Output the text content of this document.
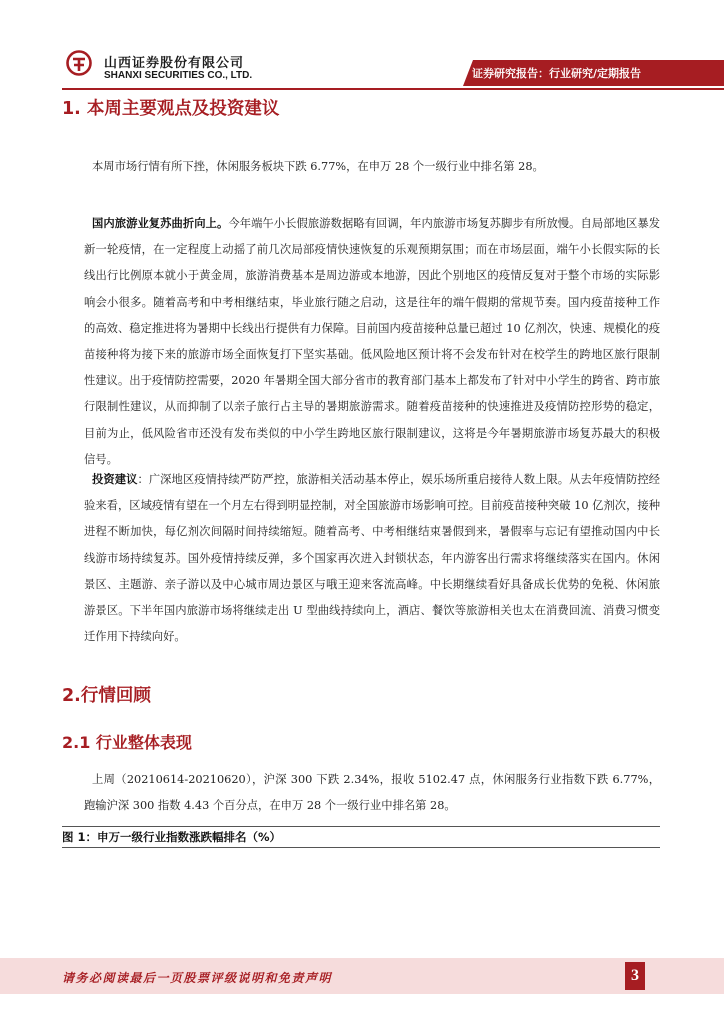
山西证券股份有限公司
SHANXI SECURITIES CO., LTD.	证券研究报告：行业研究/定期报告
1. 本周主要观点及投资建议

本周市场行情有所下挫，休闲服务板块下跌 6.77%，在申万 28 个一级行业中排名第 28。

国内旅游业复苏曲折向上。今年端午小长假旅游数据略有回调，年内旅游市场复苏脚步有所放慢。自局部地区暴发新一轮疫情，在一定程度上动摇了前几次局部疫情快速恢复的乐观预期氛围；而在市场层面，端午小长假实际的长线出行比例原本就小于黄金周，旅游消费基本是周边游或本地游，因此个别地区的疫情反复对于整个市场的实际影响会小很多。随着高考和中考相继结束，毕业旅行随之启动，这是往年的端午假期的常规节奏。国内疫苗接种工作的高效、稳定推进将为暑期中长线出行提供有力保障。目前国内疫苗接种总量已超过 10 亿剂次，快速、规模化的疫苗接种将为接下来的旅游市场全面恢复打下坚实基础。低风险地区预计将不会发布针对在校学生的跨地区旅行限制性建议。出于疫情防控需要，2020 年暑期全国大部分省市的教育部门基本上都发布了针对中小学生的跨省、跨市旅行限制性建议，从而抑制了以亲子旅行占主导的暑期旅游需求。随着疫苗接种的快速推进及疫情防控形势的稳定，目前为止，低风险省市还没有发布类似的中小学生跨地区旅行限制建议，这将是今年暑期旅游市场复苏最大的积极信号。

投资建议：广深地区疫情持续严防严控，旅游相关活动基本停止，娱乐场所重启接待人数上限。从去年疫情防控经验来看，区域疫情有望在一个月左右得到明显控制，对全国旅游市场影响可控。目前疫苗接种突破 10 亿剂次，接种进程不断加快，每亿剂次间隔时间持续缩短。随着高考、中考相继结束暑假到来，暑假率与忘记有望推动国内中长线游市场持续复苏。国外疫情持续反弹，多个国家再次进入封锁状态，年内游客出行需求将继续落实在国内。休闲景区、主题游、亲子游以及中心城市周边景区与哦王迎来客流高峰。中长期继续看好具备成长优势的免税、休闲旅游景区。下半年国内旅游市场将继续走出 U 型曲线持续向上，酒店、餐饮等旅游相关也太在消费回流、消费习惯变迁作用下持续向好。

2.行情回顾
2.1 行业整体表现

上周（20210614-20210620），沪深 300 下跌 2.34%，报收 5102.47 点，休闲服务行业指数下跌 6.77%，跑输沪深 300 指数 4.43 个百分点，在申万 28 个一级行业中排名第 28。

图 1：申万一级行业指数涨跌幅排名（%）
请务必阅读最后一页股票评级说明和免责声明	3
